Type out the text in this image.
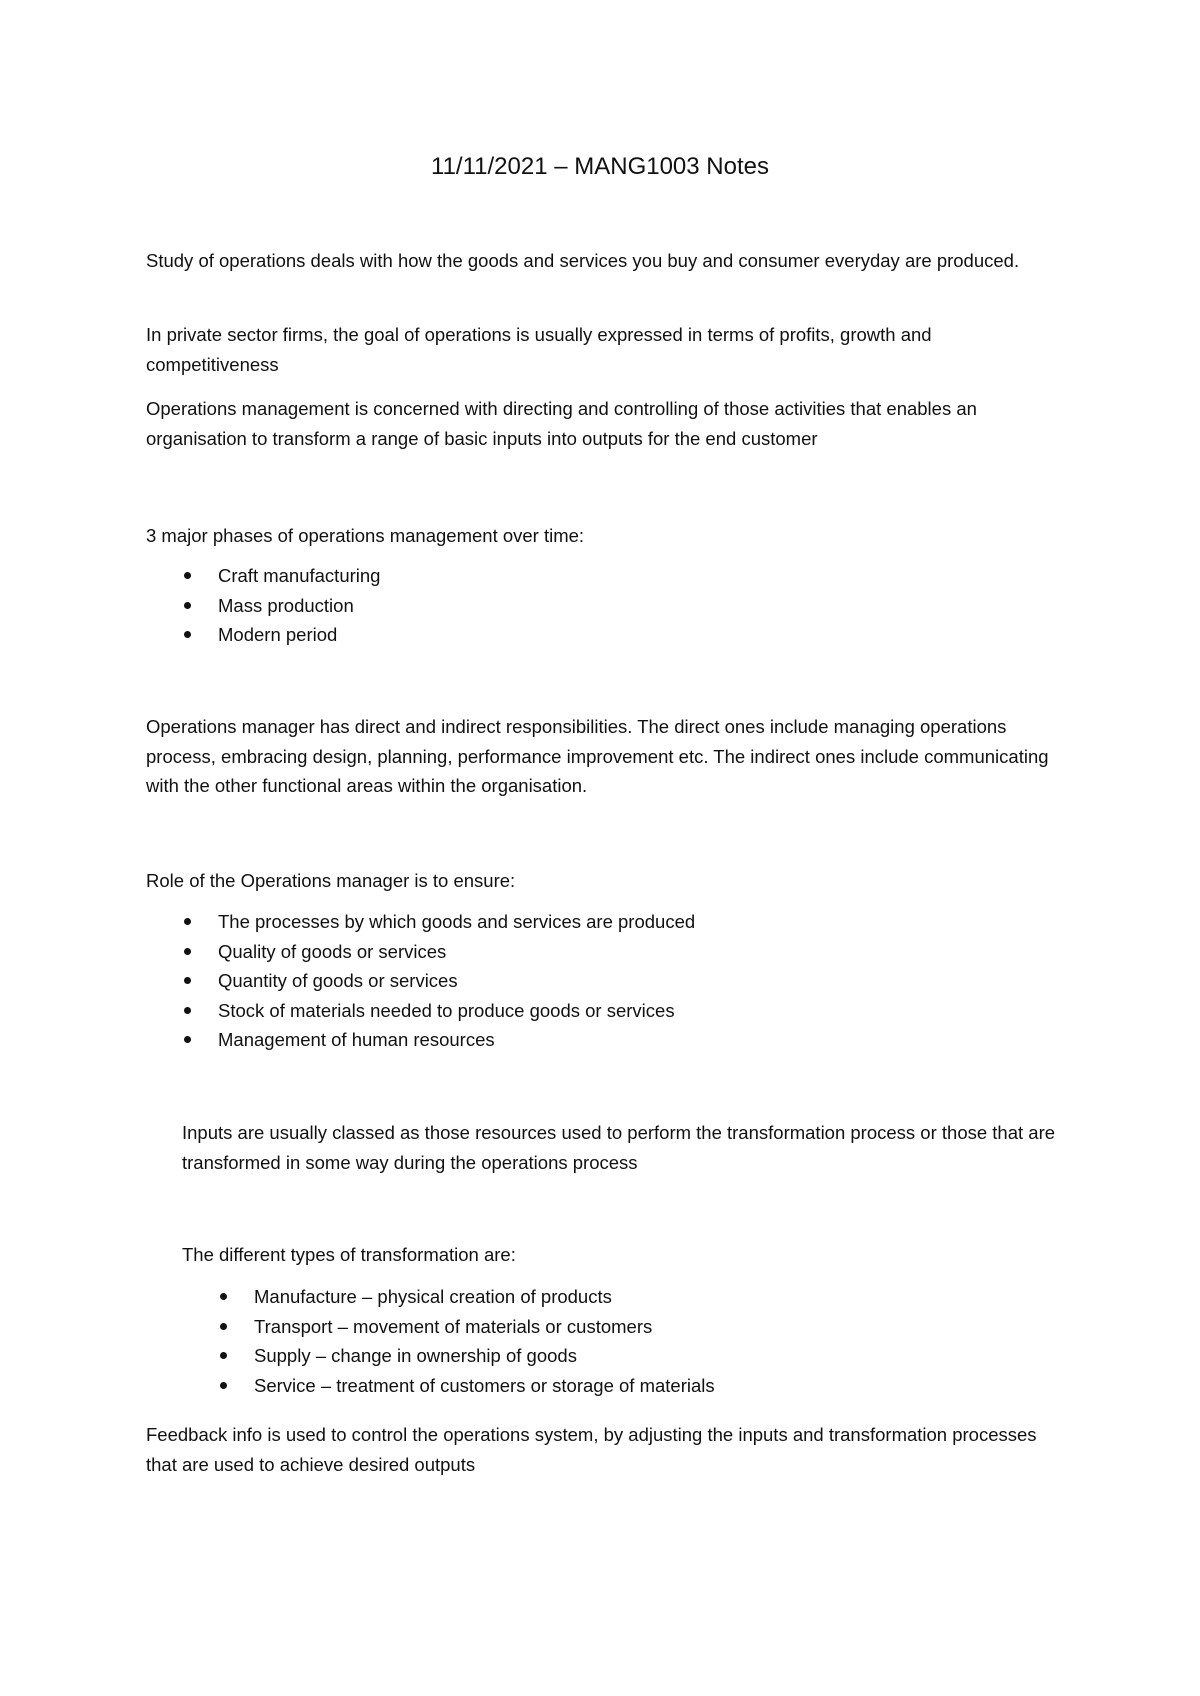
11/11/2021 – MANG1003 Notes

Study of operations deals with how the goods and services you buy and consumer everyday are produced.

In private sector firms, the goal of operations is usually expressed in terms of profits, growth and competitiveness

Operations management is concerned with directing and controlling of those activities that enables an organisation to transform a range of basic inputs into outputs for the end customer

3 major phases of operations management over time:

Craft manufacturing
Mass production
Modern period

Operations manager has direct and indirect responsibilities. The direct ones include managing operations process, embracing design, planning, performance improvement etc. The indirect ones include communicating with the other functional areas within the organisation.

Role of the Operations manager is to ensure:

The processes by which goods and services are produced
Quality of goods or services
Quantity of goods or services
Stock of materials needed to produce goods or services
Management of human resources

Inputs are usually classed as those resources used to perform the transformation process or those that are transformed in some way during the operations process

The different types of transformation are:

Manufacture – physical creation of products
Transport – movement of materials or customers
Supply – change in ownership of goods
Service – treatment of customers or storage of materials

Feedback info is used to control the operations system, by adjusting the inputs and transformation processes that are used to achieve desired outputs
